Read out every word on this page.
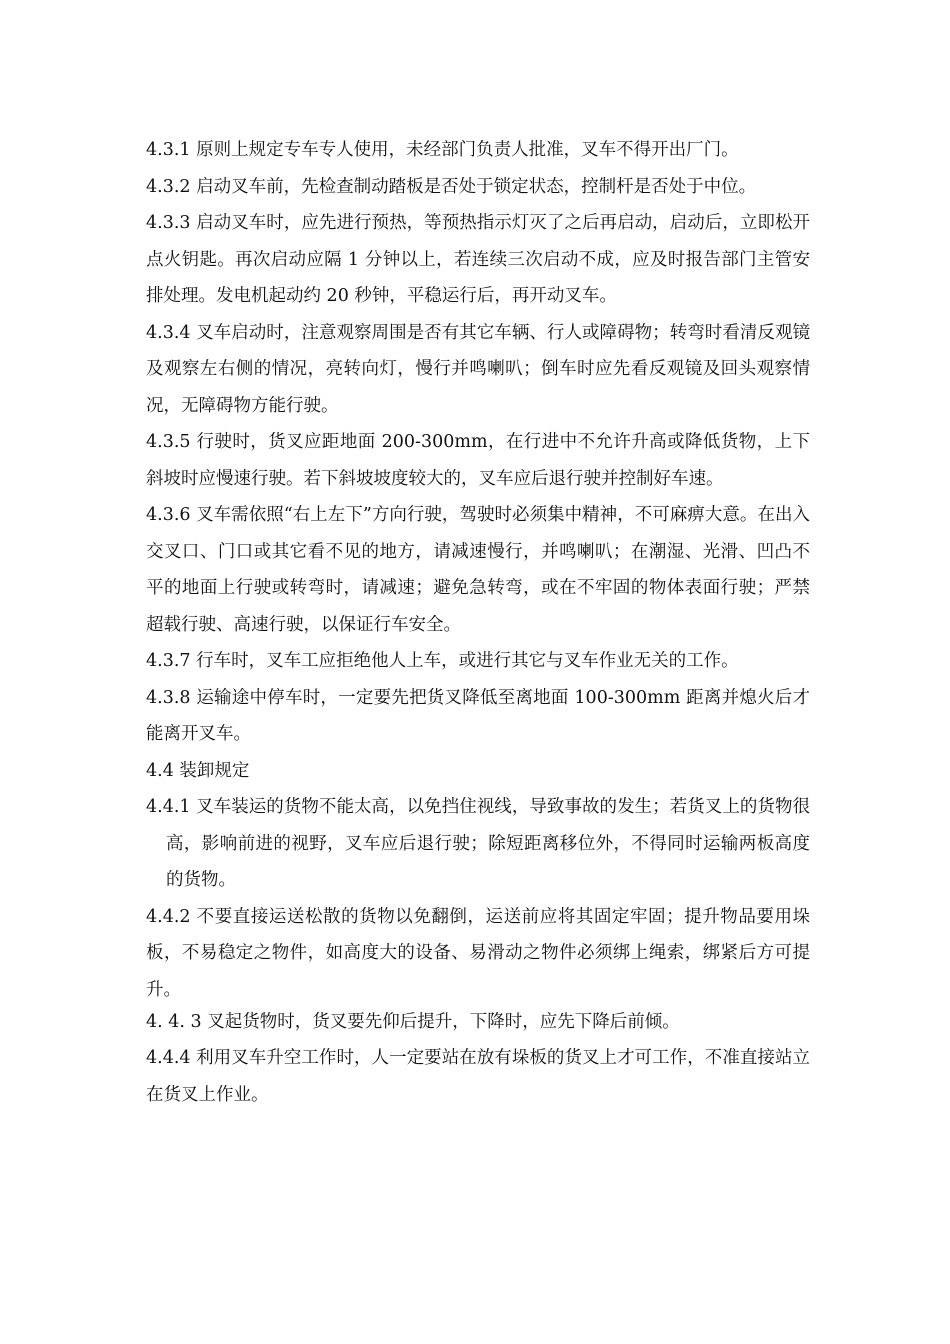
4.3.1 原则上规定专车专人使用，未经部门负责人批准，叉车不得开出厂门。

4.3.2 启动叉车前，先检查制动踏板是否处于锁定状态，控制杆是否处于中位。

4.3.3 启动叉车时，应先进行预热，等预热指示灯灭了之后再启动，启动后，立即松开点火钥匙。再次启动应隔 1 分钟以上，若连续三次启动不成，应及时报告部门主管安排处理。发电机起动约 20 秒钟，平稳运行后，再开动叉车。

4.3.4 叉车启动时，注意观察周围是否有其它车辆、行人或障碍物；转弯时看清反观镜及观察左右侧的情况，亮转向灯，慢行并鸣喇叭；倒车时应先看反观镜及回头观察情况，无障碍物方能行驶。

4.3.5 行驶时，货叉应距地面 200-300mm，在行进中不允许升高或降低货物，上下斜坡时应慢速行驶。若下斜坡坡度较大的，叉车应后退行驶并控制好车速。

4.3.6 叉车需依照“右上左下”方向行驶，驾驶时必须集中精神，不可麻痹大意。在出入交叉口、门口或其它看不见的地方，请减速慢行，并鸣喇叭；在潮湿、光滑、凹凸不平的地面上行驶或转弯时，请减速；避免急转弯，或在不牢固的物体表面行驶；严禁超载行驶、高速行驶，以保证行车安全。

4.3.7 行车时，叉车工应拒绝他人上车，或进行其它与叉车作业无关的工作。

4.3.8 运输途中停车时，一定要先把货叉降低至离地面 100-300mm 距离并熄火后才能离开叉车。

4.4 装卸规定

4.4.1 叉车装运的货物不能太高，以免挡住视线，导致事故的发生；若货叉上的货物很高，影响前进的视野，叉车应后退行驶；除短距离移位外，不得同时运输两板高度的货物。

4.4.2 不要直接运送松散的货物以免翻倒，运送前应将其固定牢固；提升物品要用垛板，不易稳定之物件，如高度大的设备、易滑动之物件必须绑上绳索，绑紧后方可提升。

4. 4. 3 叉起货物时，货叉要先仰后提升，下降时，应先下降后前倾。

4.4.4 利用叉车升空工作时，人一定要站在放有垛板的货叉上才可工作，不准直接站立在货叉上作业。
